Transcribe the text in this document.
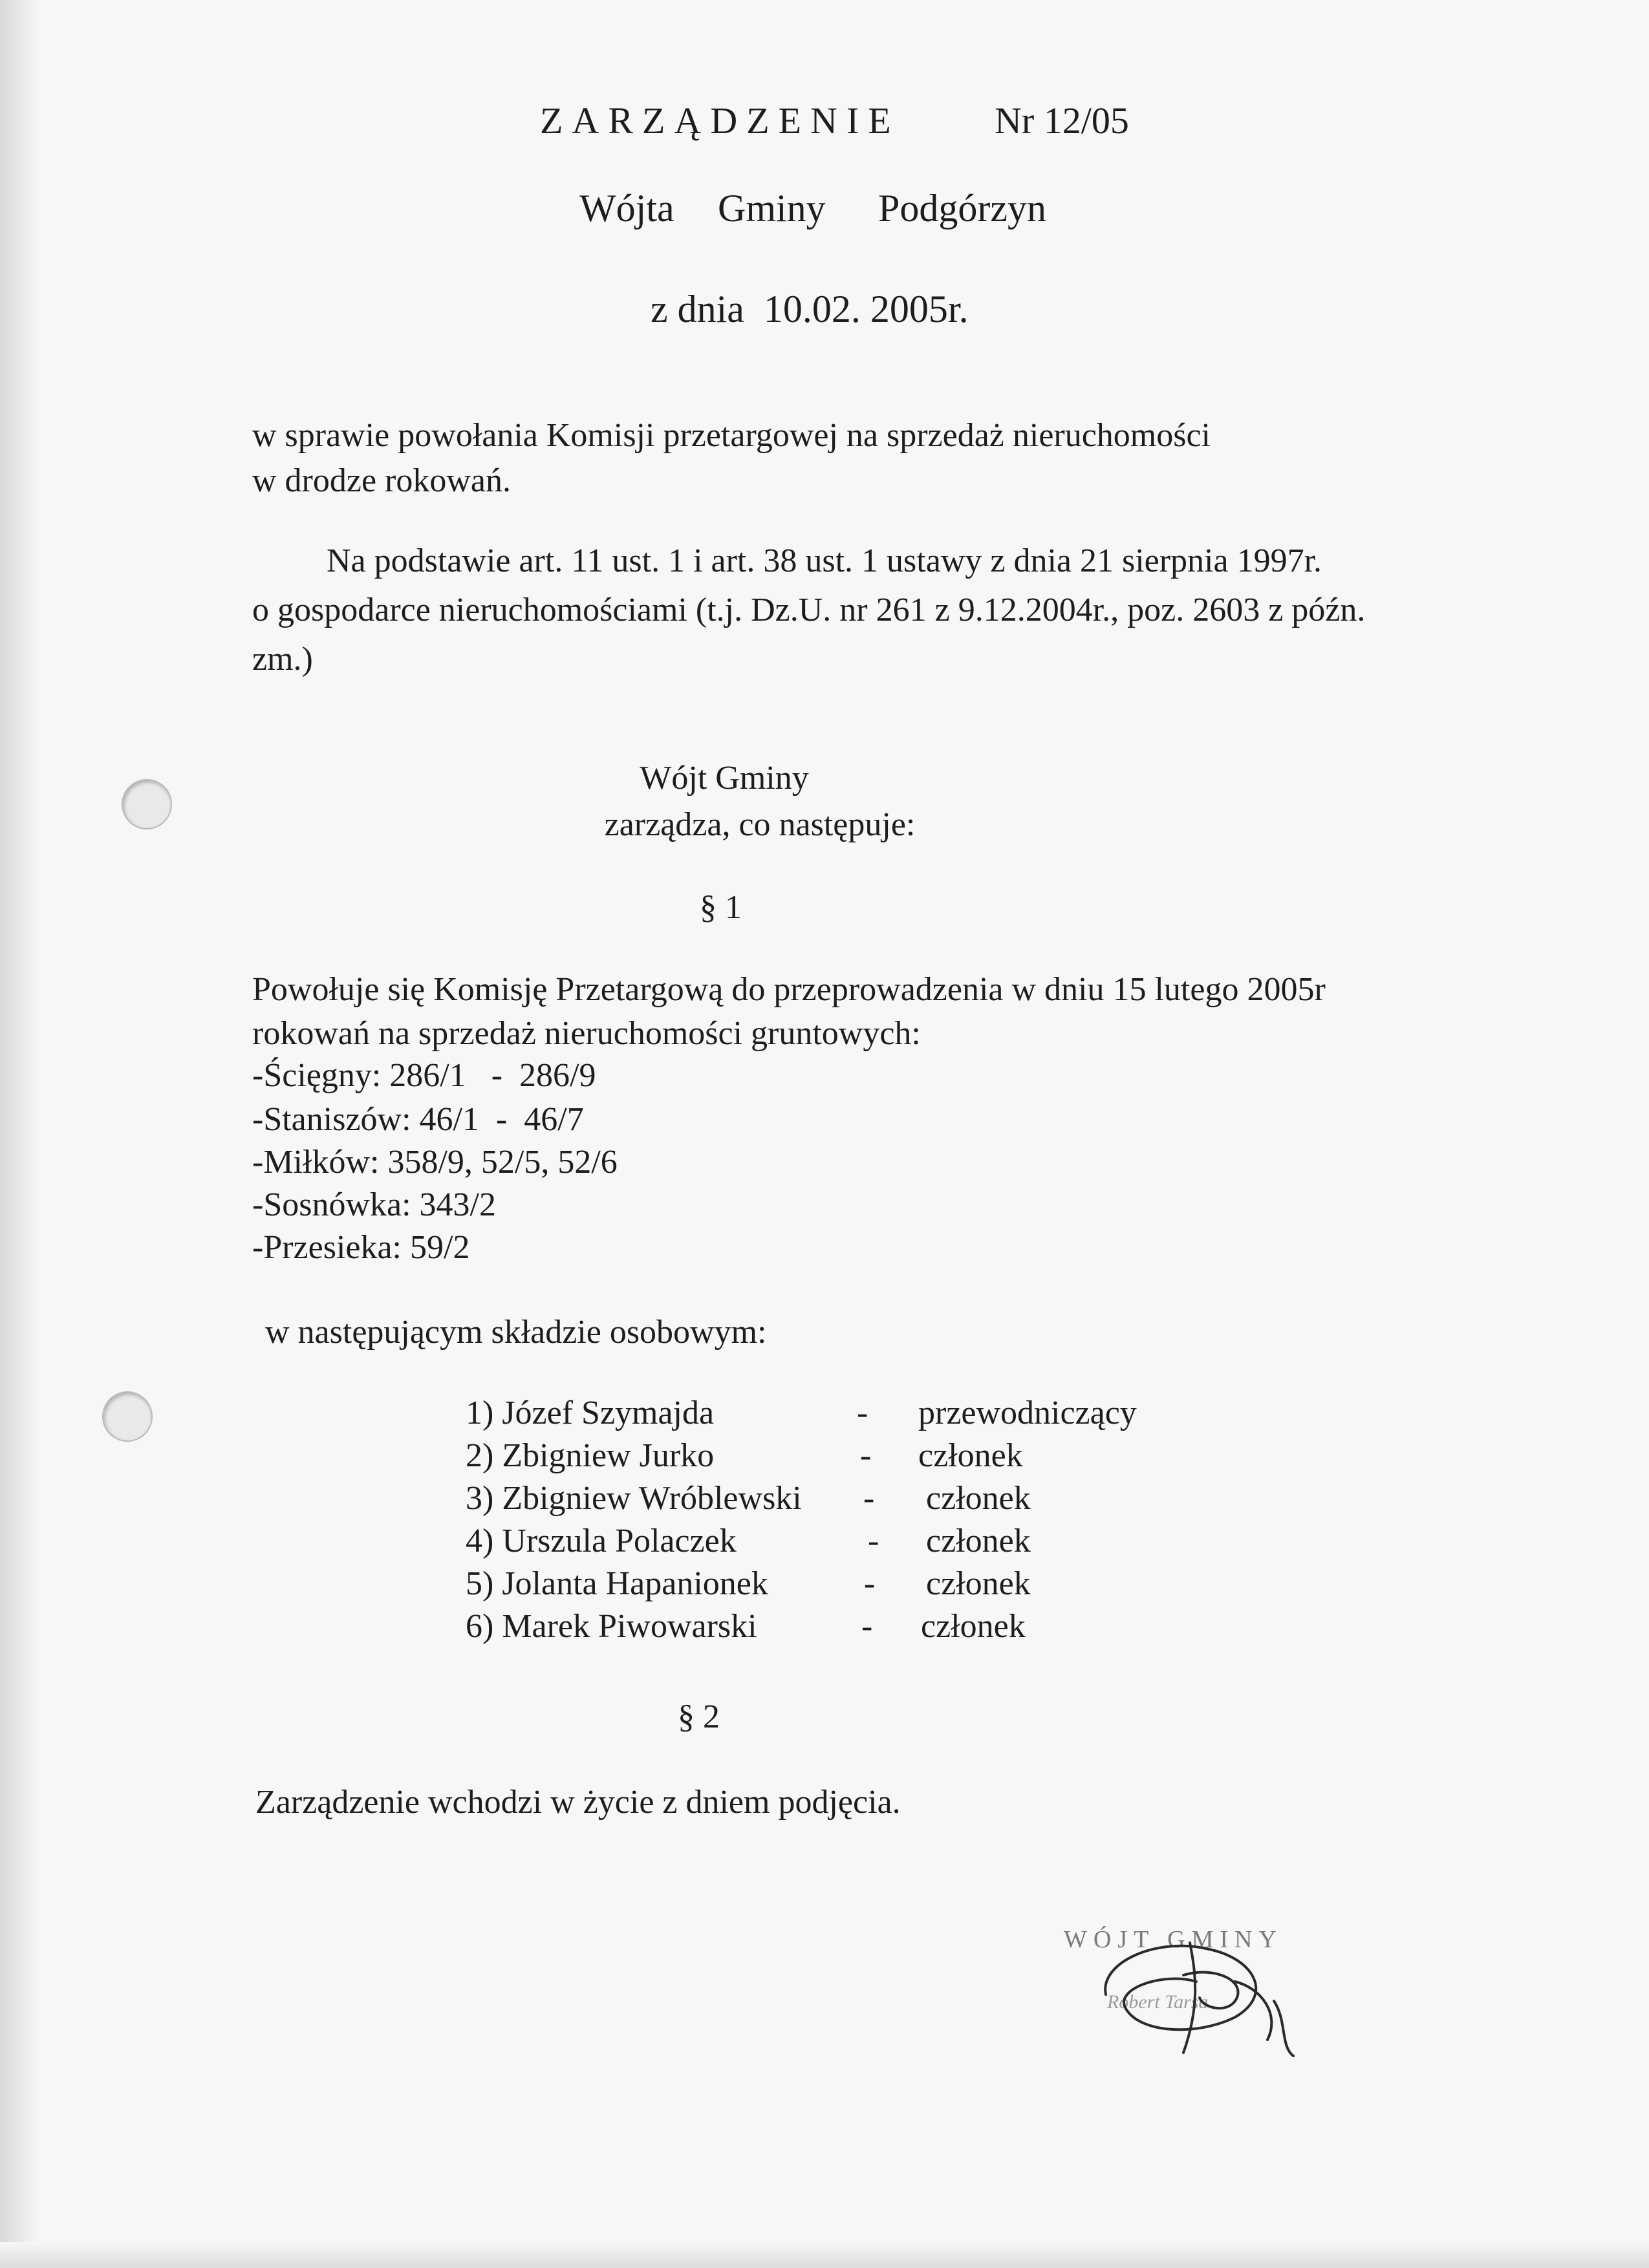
ZARZĄDZENIE	Nr 12/05
Wójta Gminy Podgórzyn
z dnia  10.02. 2005r.
w sprawie powołania Komisji przetargowej na sprzedaż nieruchomości
w drodze rokowań.
Na podstawie art. 11 ust. 1 i art. 38 ust. 1 ustawy z dnia 21 sierpnia 1997r.
o gospodarce nieruchomościami (t.j. Dz.U. nr 261 z 9.12.2004r., poz. 2603 z późn.
zm.)
Wójt Gminy
zarządza, co następuje:
§ 1
Powołuje się Komisję Przetargową do przeprowadzenia w dniu 15 lutego 2005r
rokowań na sprzedaż nieruchomości gruntowych:
-Ścięgny: 286/1   -  286/9
-Staniszów: 46/1  -  46/7
-Miłków: 358/9, 52/5, 52/6
-Sosnówka: 343/2
-Przesieka: 59/2
w następującym składzie osobowym:
1) Józef Szymajda	- przewodniczący
2) Zbigniew Jurko	- członek
3) Zbigniew Wróblewski - członek
4) Urszula Polaczek	- członek
5) Jolanta Hapanionek	- członek
6) Marek Piwowarski	- członek
§ 2
Zarządzenie wchodzi w życie z dniem podjęcia.
WÓJT GMINY
Robert Tarsa
